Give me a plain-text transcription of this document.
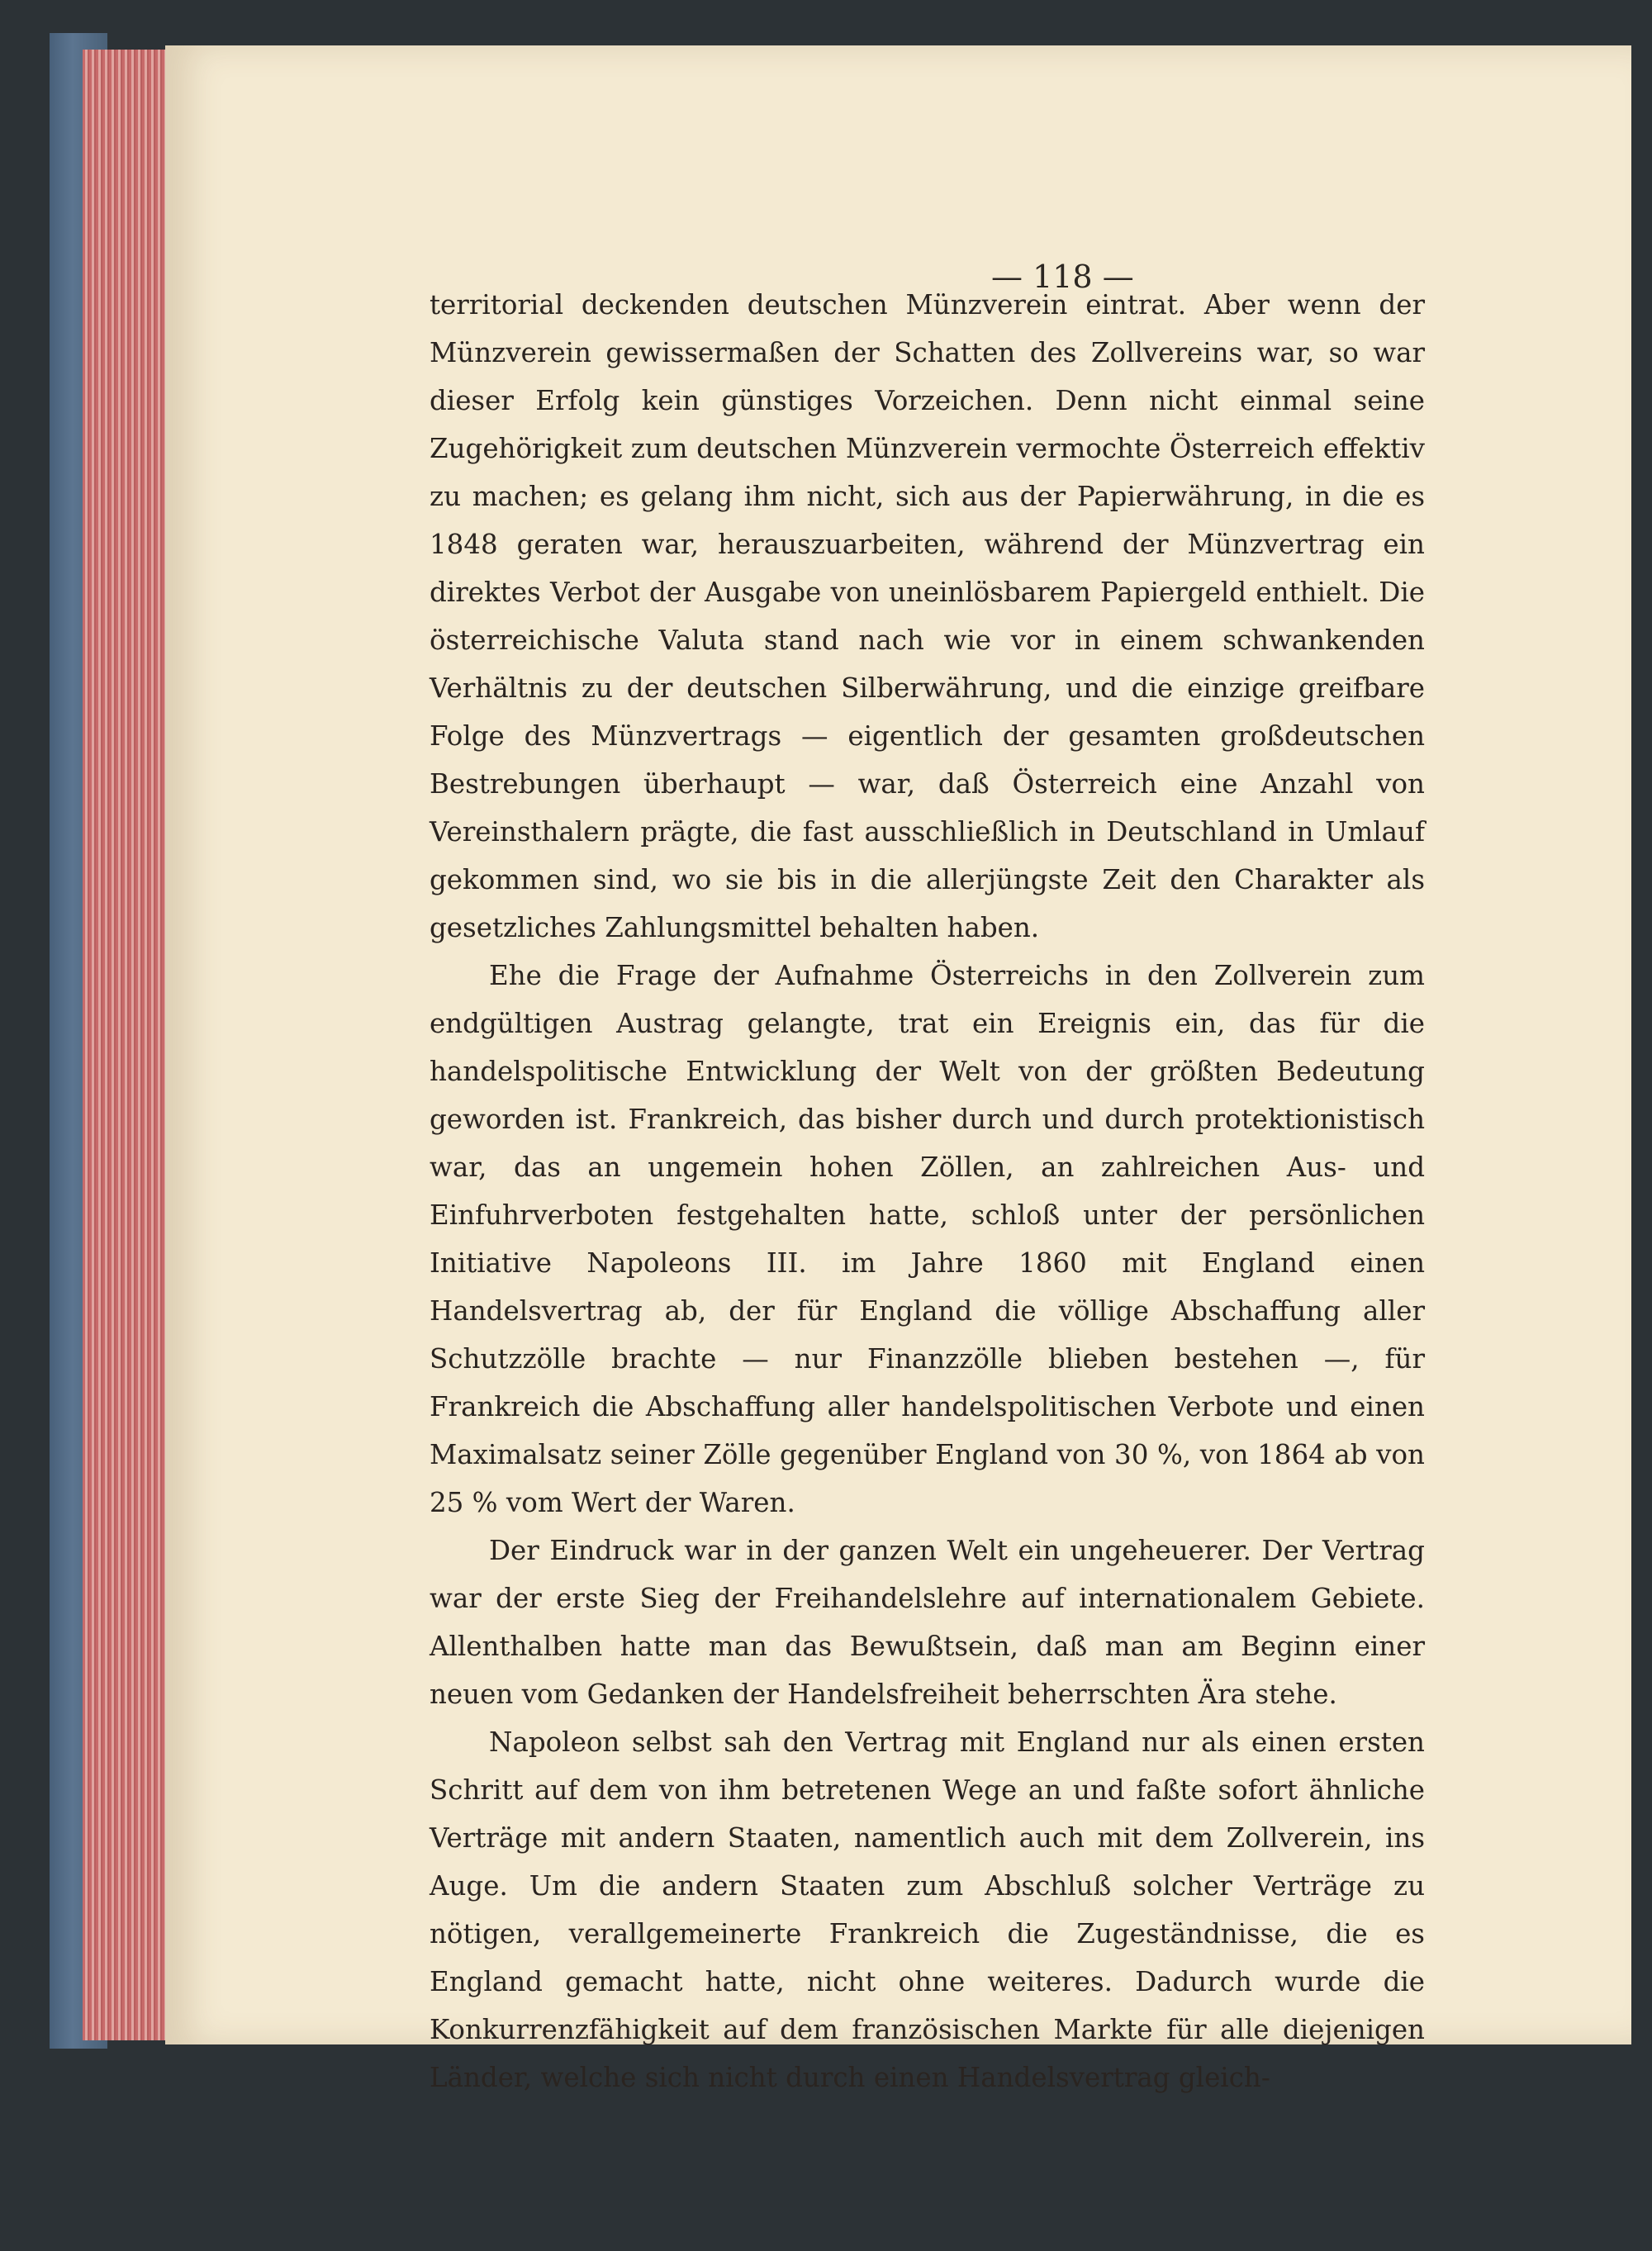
— 118 —

territorial deckenden deutschen Münzverein eintrat. Aber wenn der Münzverein gewissermaßen der Schatten des Zollvereins war, so war dieser Erfolg kein günstiges Vorzeichen. Denn nicht einmal seine Zugehörigkeit zum deutschen Münzverein vermochte Österreich effektiv zu machen; es gelang ihm nicht, sich aus der Papierwährung, in die es 1848 geraten war, herauszuarbeiten, während der Münzvertrag ein direktes Verbot der Ausgabe von uneinlösbarem Papiergeld enthielt. Die österreichische Valuta stand nach wie vor in einem schwankenden Verhältnis zu der deutschen Silberwährung, und die einzige greifbare Folge des Münzvertrags — eigentlich der gesamten großdeutschen Bestrebungen überhaupt — war, daß Österreich eine Anzahl von Vereinsthalern prägte, die fast ausschließlich in Deutschland in Umlauf gekommen sind, wo sie bis in die allerjüngste Zeit den Charakter als gesetzliches Zahlungsmittel behalten haben.

Ehe die Frage der Aufnahme Österreichs in den Zollverein zum endgültigen Austrag gelangte, trat ein Ereignis ein, das für die handelspolitische Entwicklung der Welt von der größten Bedeutung geworden ist. Frankreich, das bisher durch und durch protektionistisch war, das an ungemein hohen Zöllen, an zahlreichen Aus- und Einfuhrverboten festgehalten hatte, schloß unter der persönlichen Initiative Napoleons III. im Jahre 1860 mit England einen Handelsvertrag ab, der für England die völlige Abschaffung aller Schutzzölle brachte — nur Finanzzölle blieben bestehen —, für Frankreich die Abschaffung aller handelspolitischen Verbote und einen Maximalsatz seiner Zölle gegenüber England von 30 %, von 1864 ab von 25 % vom Wert der Waren.

Der Eindruck war in der ganzen Welt ein ungeheuerer. Der Vertrag war der erste Sieg der Freihandelslehre auf internationalem Gebiete. Allenthalben hatte man das Bewußtsein, daß man am Beginn einer neuen vom Gedanken der Handelsfreiheit beherrschten Ära stehe.

Napoleon selbst sah den Vertrag mit England nur als einen ersten Schritt auf dem von ihm betretenen Wege an und faßte sofort ähnliche Verträge mit andern Staaten, namentlich auch mit dem Zollverein, ins Auge. Um die andern Staaten zum Abschluß solcher Verträge zu nötigen, verallgemeinerte Frankreich die Zugeständnisse, die es England gemacht hatte, nicht ohne weiteres. Dadurch wurde die Konkurrenzfähigkeit auf dem französischen Markte für alle diejenigen Länder, welche sich nicht durch einen Handelsvertrag gleich-
